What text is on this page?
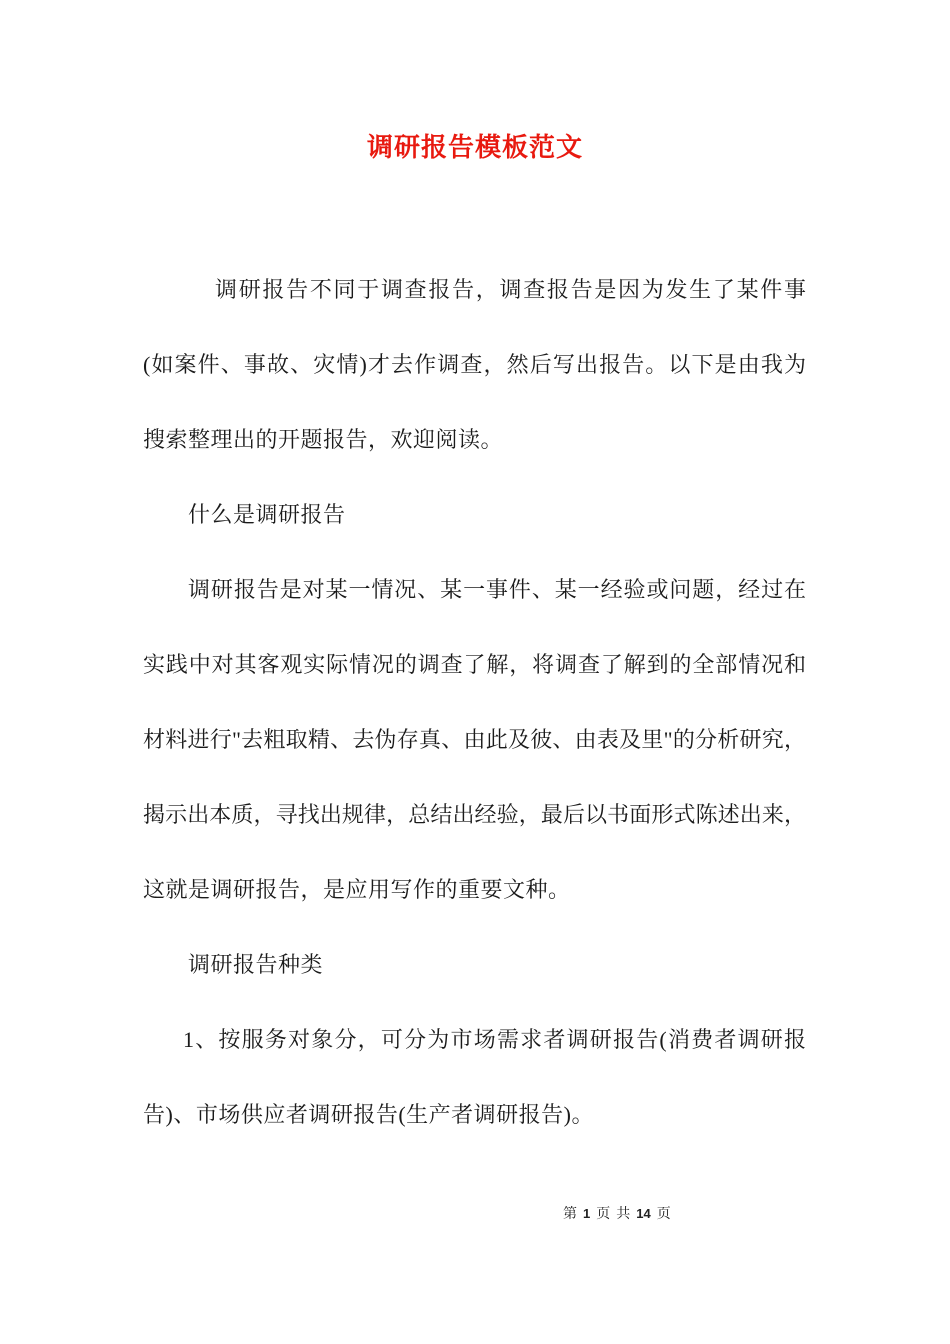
调研报告模板范文
调研报告不同于调查报告，调查报告是因为发生了某件事
(如案件、事故、灾情)才去作调查，然后写出报告。以下是由我为
搜索整理出的开题报告，欢迎阅读。
什么是调研报告
调研报告是对某一情况、某一事件、某一经验或问题，经过在
实践中对其客观实际情况的调查了解，将调查了解到的全部情况和
材料进行"去粗取精、去伪存真、由此及彼、由表及里"的分析研究，
揭示出本质，寻找出规律，总结出经验，最后以书面形式陈述出来，
这就是调研报告，是应用写作的重要文种。
调研报告种类
1、按服务对象分，可分为市场需求者调研报告(消费者调研报
告)、市场供应者调研报告(生产者调研报告)。
第 1 页 共 14 页
